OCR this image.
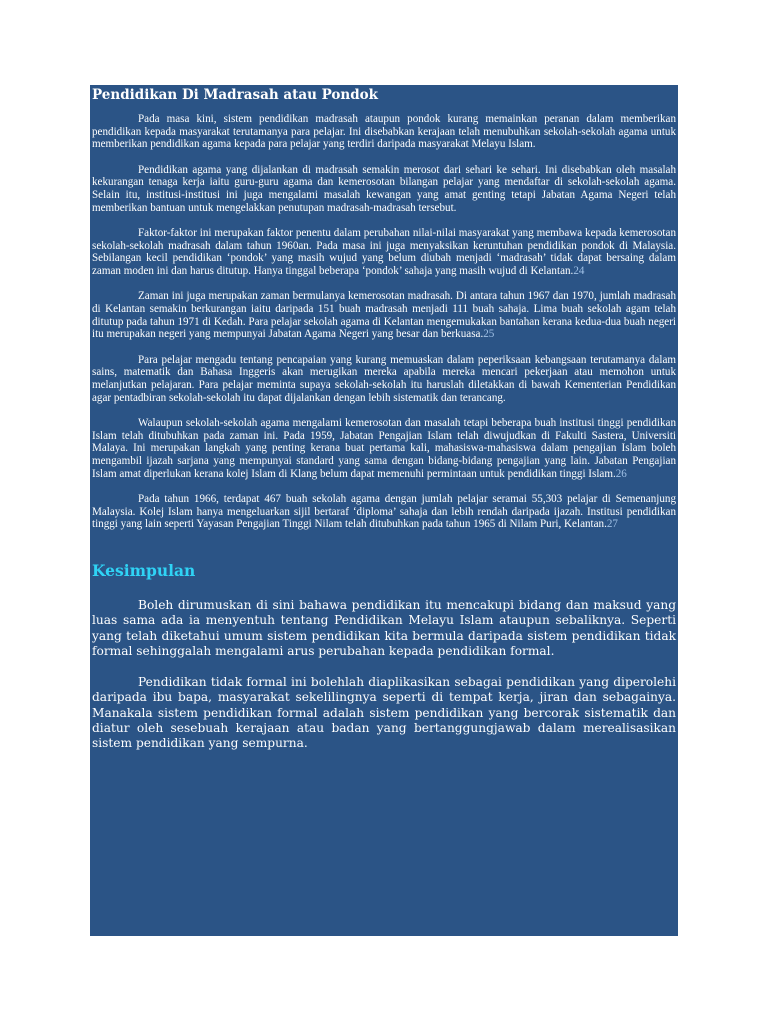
Pendidikan Di Madrasah atau Pondok

Pada masa kini, sistem pendidikan madrasah ataupun pondok kurang memainkan peranan dalam memberikan pendidikan kepada masyarakat terutamanya para pelajar. Ini disebabkan kerajaan telah menubuhkan sekolah-sekolah agama untuk memberikan pendidikan agama kepada para pelajar yang terdiri daripada masyarakat Melayu Islam.

Pendidikan agama yang dijalankan di madrasah semakin merosot dari sehari ke sehari. Ini disebabkan oleh masalah kekurangan tenaga kerja iaitu guru-guru agama dan kemerosotan bilangan pelajar yang mendaftar di sekolah-sekolah agama. Selain itu, institusi-institusi ini juga mengalami masalah kewangan yang amat genting tetapi Jabatan Agama Negeri telah memberikan bantuan untuk mengelakkan penutupan madrasah-madrasah tersebut.

Faktor-faktor ini merupakan faktor penentu dalam perubahan nilai-nilai masyarakat yang membawa kepada kemerosotan sekolah-sekolah madrasah dalam tahun 1960an. Pada masa ini juga menyaksikan keruntuhan pendidikan pondok di Malaysia. Sebilangan kecil pendidikan ‘pondok’ yang masih wujud yang belum diubah menjadi ‘madrasah’ tidak dapat bersaing dalam zaman moden ini dan harus ditutup. Hanya tinggal beberapa ‘pondok’ sahaja yang masih wujud di Kelantan.24

Zaman ini juga merupakan zaman bermulanya kemerosotan madrasah. Di antara tahun 1967 dan 1970, jumlah madrasah di Kelantan semakin berkurangan iaitu daripada 151 buah madrasah menjadi 111 buah sahaja. Lima buah sekolah agam telah ditutup pada tahun 1971 di Kedah. Para pelajar sekolah agama di Kelantan mengemukakan bantahan kerana kedua-dua buah negeri itu merupakan negeri yang mempunyai Jabatan Agama Negeri yang besar dan berkuasa.25

Para pelajar mengadu tentang pencapaian yang kurang memuaskan dalam peperiksaan kebangsaan terutamanya dalam sains, matematik dan Bahasa Inggeris akan merugikan mereka apabila mereka mencari pekerjaan atau memohon untuk melanjutkan pelajaran. Para pelajar meminta supaya sekolah-sekolah itu haruslah diletakkan di bawah Kementerian Pendidikan agar pentadbiran sekolah-sekolah itu dapat dijalankan dengan lebih sistematik dan terancang.

Walaupun sekolah-sekolah agama mengalami kemerosotan dan masalah tetapi beberapa buah institusi tinggi pendidikan Islam telah ditubuhkan pada zaman ini. Pada 1959, Jabatan Pengajian Islam telah diwujudkan di Fakulti Sastera, Universiti Malaya. Ini merupakan langkah yang penting kerana buat pertama kali, mahasiswa-mahasiswa dalam pengajian Islam boleh mengambil ijazah sarjana yang mempunyai standard yang sama dengan bidang-bidang pengajian yang lain. Jabatan Pengajian Islam amat diperlukan kerana kolej Islam di Klang belum dapat memenuhi permintaan untuk pendidikan tinggi Islam.26

Pada tahun 1966, terdapat 467 buah sekolah agama dengan jumlah pelajar seramai 55,303 pelajar di Semenanjung Malaysia. Kolej Islam hanya mengeluarkan sijil bertaraf ‘diploma’ sahaja dan lebih rendah daripada ijazah. Institusi pendidikan tinggi yang lain seperti Yayasan Pengajian Tinggi Nilam telah ditubuhkan pada tahun 1965 di Nilam Puri, Kelantan.27

Kesimpulan

Boleh dirumuskan di sini bahawa pendidikan itu mencakupi bidang dan maksud yang luas sama ada ia menyentuh tentang Pendidikan Melayu Islam ataupun sebaliknya. Seperti yang telah diketahui umum sistem pendidikan kita bermula daripada sistem pendidikan tidak formal sehinggalah mengalami arus perubahan kepada pendidikan formal.

Pendidikan tidak formal ini bolehlah diaplikasikan sebagai pendidikan yang diperolehi daripada ibu bapa, masyarakat sekelilingnya seperti di tempat kerja, jiran dan sebagainya. Manakala sistem pendidikan formal adalah sistem pendidikan yang bercorak sistematik dan diatur oleh sesebuah kerajaan atau badan yang bertanggungjawab dalam merealisasikan sistem pendidikan yang sempurna.
